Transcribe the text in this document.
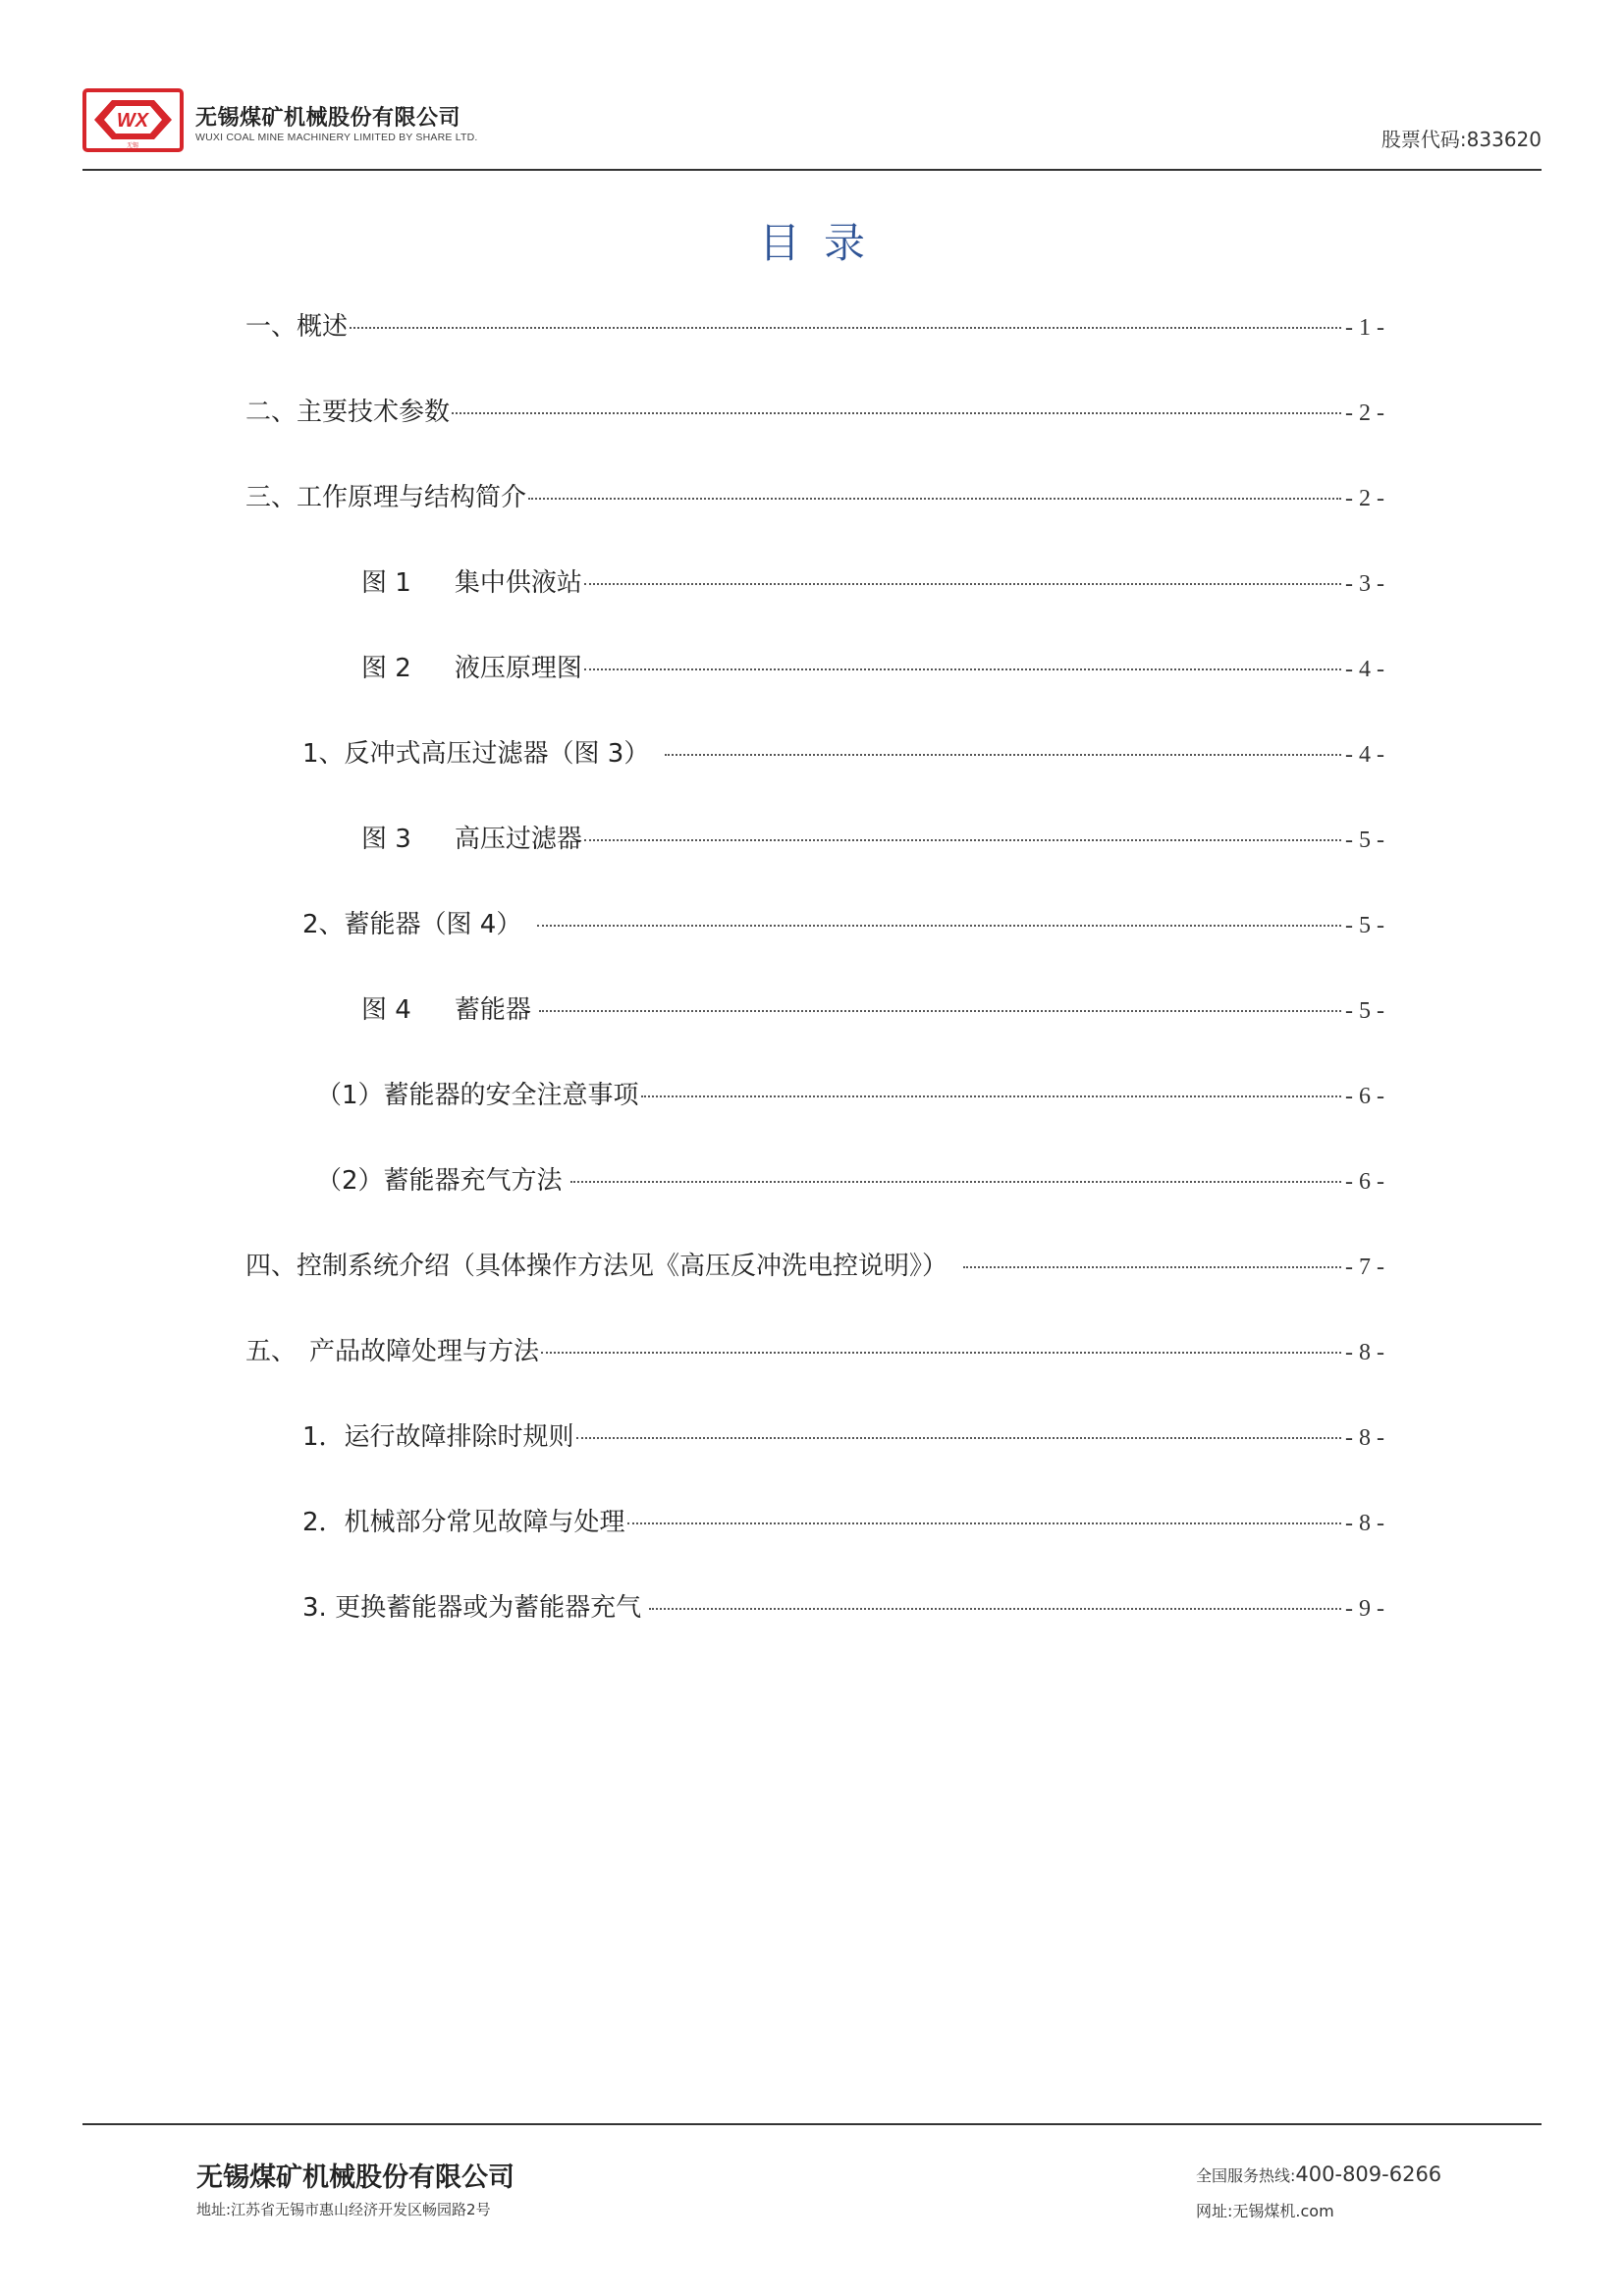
WX
无锡
无锡煤矿机械股份有限公司
WUXI COAL MINE MACHINERY LIMITED BY SHARE LTD.	股票代码:833620
目录
一、概述	- 1 -
二、主要技术参数	- 2 -
三、工作原理与结构简介	- 2 -
图 1 集中供液站	- 3 -
图 2 液压原理图	- 4 -
1、反冲式高压过滤器（图 3）	- 4 -
图 3 高压过滤器	- 5 -
2、蓄能器（图 4）	- 5 -
图 4 蓄能器	- 5 -
（1）蓄能器的安全注意事项	- 6 -
（2）蓄能器充气方法	- 6 -
四、控制系统介绍（具体操作方法见《高压反冲洗电控说明》）	- 7 -
五、　产品故障处理与方法	- 8 -
1．运行故障排除时规则	- 8 -
2．机械部分常见故障与处理	- 8 -
3. 更换蓄能器或为蓄能器充气	- 9 -
无锡煤矿机械股份有限公司
地址:江苏省无锡市惠山经济开发区畅园路2号
全国服务热线:400-809-6266
网址:无锡煤机.com
